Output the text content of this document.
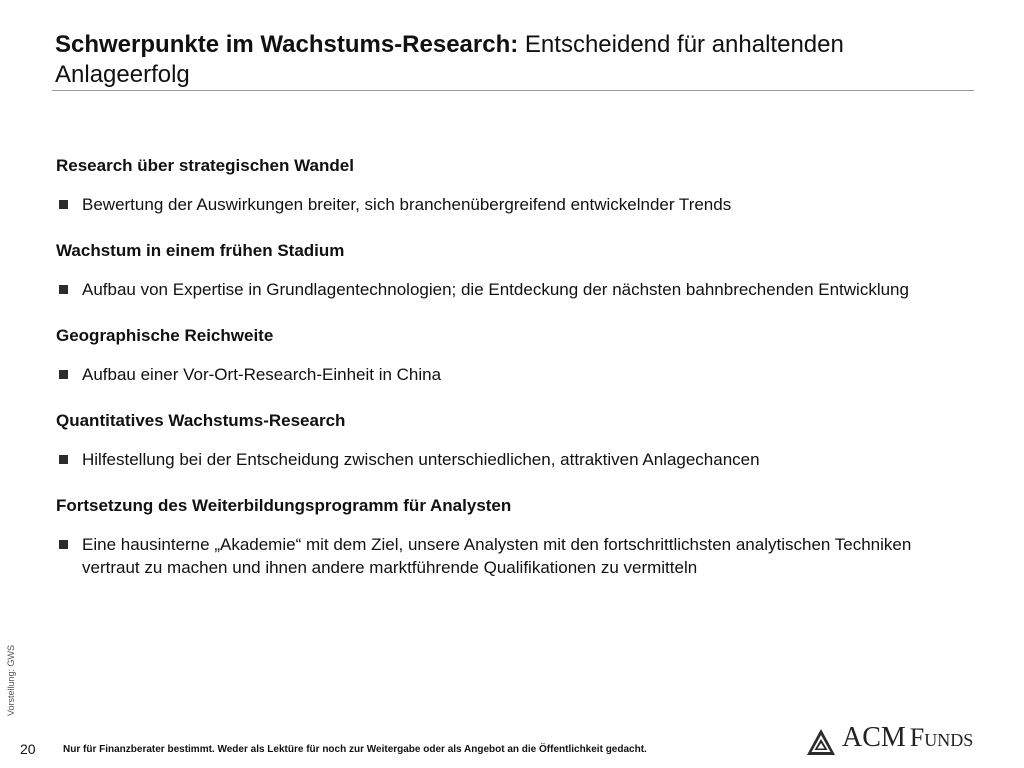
Schwerpunkte im Wachstums-Research: Entscheidend für anhaltenden Anlageerfolg

Research über strategischen Wandel

Bewertung der Auswirkungen breiter, sich branchenübergreifend entwickelnder Trends

Wachstum in einem frühen Stadium

Aufbau von Expertise in Grundlagentechnologien; die Entdeckung der nächsten bahnbrechenden Entwicklung

Geographische Reichweite

Aufbau einer Vor-Ort-Research-Einheit in China

Quantitatives Wachstums-Research

Hilfestellung bei der Entscheidung zwischen unterschiedlichen, attraktiven Anlagechancen

Fortsetzung des Weiterbildungsprogramm für Analysten

Eine hausinterne „Akademie“ mit dem Ziel, unsere Analysten mit den fortschrittlichsten analytischen Techniken vertraut zu machen und ihnen andere marktführende Qualifikationen zu vermitteln
Vorstellung: GWS
20	Nur für Finanzberater bestimmt. Weder als Lektüre für noch zur Weitergabe oder als Angebot an die Öffentlichkeit gedacht.	ACM Funds
